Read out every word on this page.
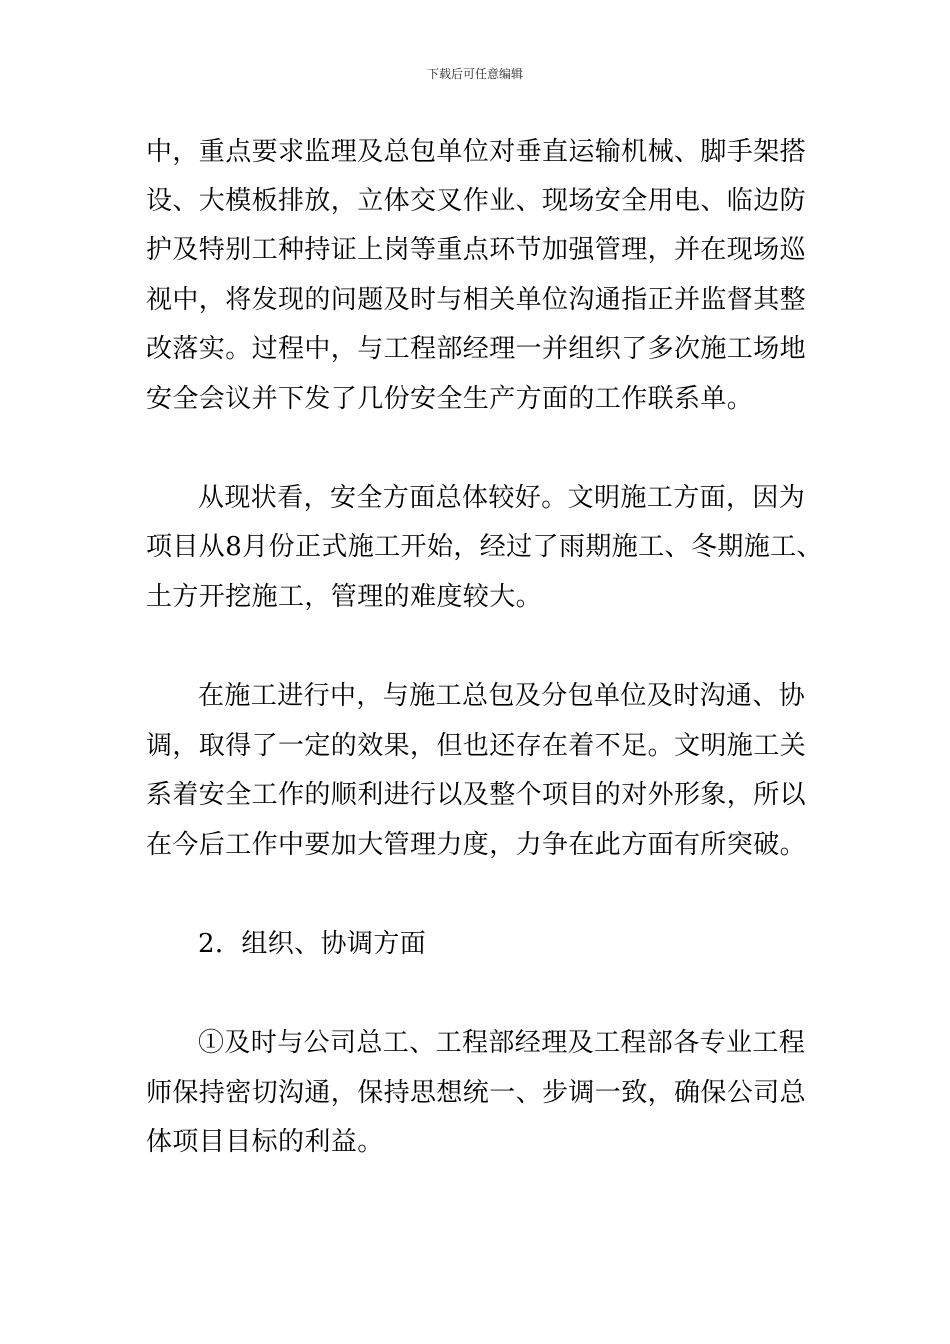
下载后可任意编辑
中，重点要求监理及总包单位对垂直运输机械、脚手架搭
设、大模板排放，立体交叉作业、现场安全用电、临边防
护及特别工种持证上岗等重点环节加强管理，并在现场巡
视中，将发现的问题及时与相关单位沟通指正并监督其整
改落实。过程中，与工程部经理一并组织了多次施工场地
安全会议并下发了几份安全生产方面的工作联系单。
从现状看，安全方面总体较好。文明施工方面，因为
项目从8月份正式施工开始，经过了雨期施工、冬期施工、
土方开挖施工，管理的难度较大。
在施工进行中，与施工总包及分包单位及时沟通、协
调，取得了一定的效果，但也还存在着不足。文明施工关
系着安全工作的顺利进行以及整个项目的对外形象，所以
在今后工作中要加大管理力度，力争在此方面有所突破。
2．组织、协调方面
①及时与公司总工、工程部经理及工程部各专业工程
师保持密切沟通，保持思想统一、步调一致，确保公司总
体项目目标的利益。
